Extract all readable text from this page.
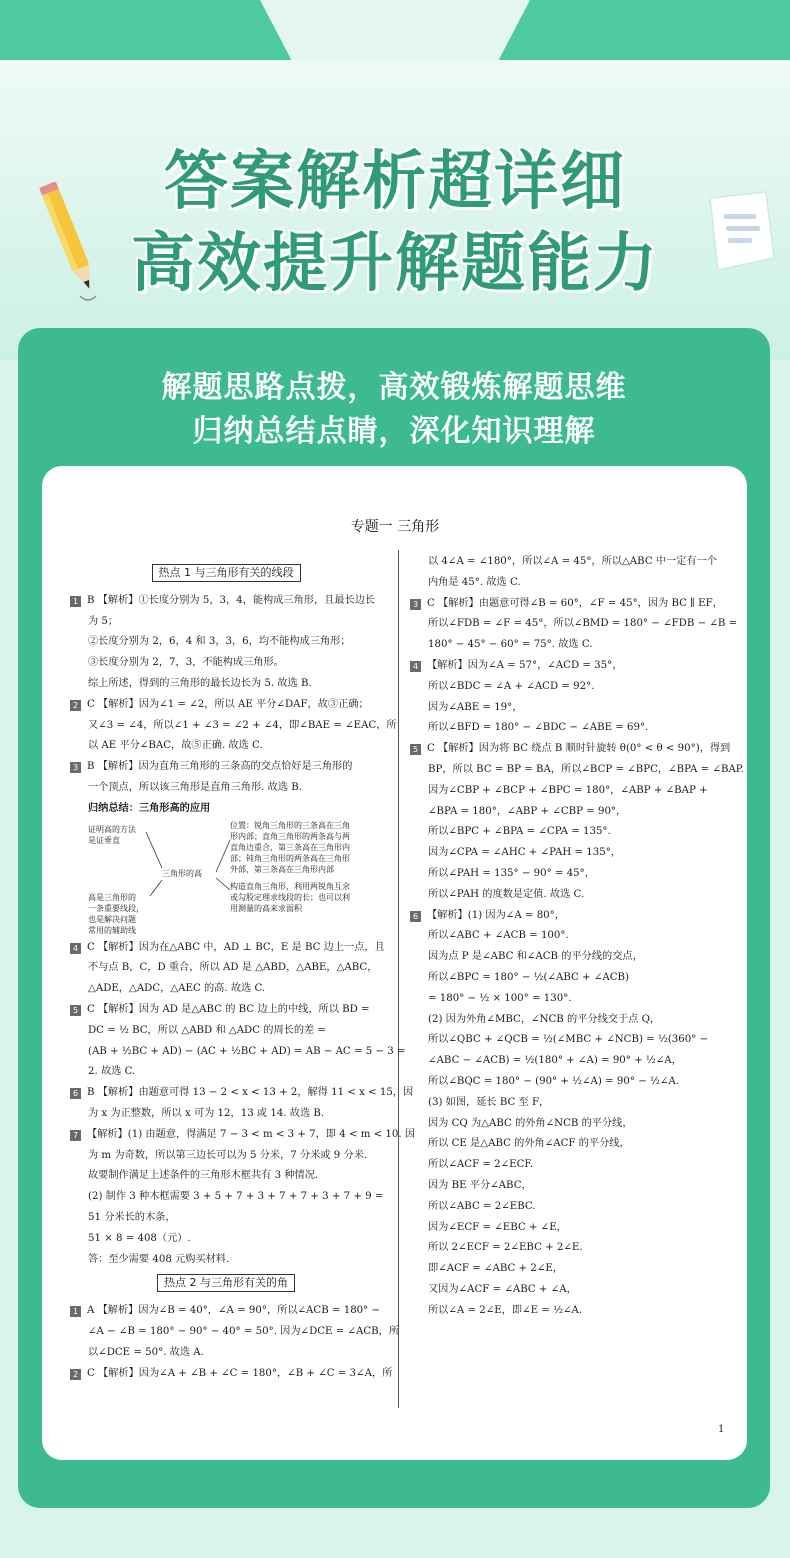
答案解析超详细
高效提升解题能力
解题思路点拨，高效锻炼解题思维
归纳总结点睛，深化知识理解
专题一 三角形
热点 1 与三角形有关的线段
1 B 【解析】①长度分别为 5，3，4，能构成三角形，且最长边长
为 5；
②长度分别为 2，6，4 和 3，3，6，均不能构成三角形；
③长度分别为 2，7，3，不能构成三角形。
综上所述，得到的三角形的最长边长为 5. 故选 B.
2 C 【解析】因为∠1 = ∠2，所以 AE 平分∠DAF，故③正确；
又∠3 = ∠4，所以∠1 + ∠3 = ∠2 + ∠4，即∠BAE = ∠EAC，所
以 AE 平分∠BAC，故⑤正确. 故选 C.
3 B 【解析】因为直角三角形的三条高的交点恰好是三角形的
一个顶点，所以该三角形是直角三角形. 故选 B.
归纳总结：三角形高的应用
证明高的方法
是证垂直
三角形的高
高是三角形的
一条重要线段，
也是解决问题
常用的辅助线
位置：锐角三角形的三条高在三角
形内部；直角三角形的两条高与两
直角边重合，第三条高在三角形内
部；钝角三角形的两条高在三角形
外部，第三条高在三角形内部
构造直角三角形，利用两锐角互余
或勾股定理求线段的长；也可以利
用测量的高来求面积
4 C 【解析】因为在△ABC 中，AD ⊥ BC，E 是 BC 边上一点，且
不与点 B，C，D 重合，所以 AD 是 △ABD，△ABE，△ABC，
△ADE，△ADC，△AEC 的高. 故选 C.
5 C 【解析】因为 AD 是△ABC 的 BC 边上的中线，所以 BD =
DC = ½ BC，所以 △ABD 和 △ADC 的周长的差 =
(AB + ½BC + AD) − (AC + ½BC + AD) = AB − AC = 5 − 3 =
2. 故选 C.
6 B 【解析】由题意可得 13 − 2 < x < 13 + 2，解得 11 < x < 15，因
为 x 为正整数，所以 x 可为 12，13 或 14. 故选 B.
7 【解析】(1) 由题意，得满足 7 − 3 < m < 3 + 7，即 4 < m < 10. 因
为 m 为奇数，所以第三边长可以为 5 分米，7 分米或 9 分米.
故要制作满足上述条件的三角形木框共有 3 种情况.
(2) 制作 3 种木框需要 3 + 5 + 7 + 3 + 7 + 7 + 3 + 7 + 9 =
51 分米长的木条，
51 × 8 = 408（元）.
答：至少需要 408 元购买材料.
热点 2 与三角形有关的角
1 A 【解析】因为∠B = 40°，∠A = 90°，所以∠ACB = 180° −
∠A − ∠B = 180° − 90° − 40° = 50°. 因为∠DCE = ∠ACB，所
以∠DCE = 50°. 故选 A.
2 C 【解析】因为∠A + ∠B + ∠C = 180°，∠B + ∠C = 3∠A，所
以 4∠A = ∠180°，所以∠A = 45°，所以△ABC 中一定有一个
内角是 45°. 故选 C.
3 C 【解析】由题意可得∠B = 60°，∠F = 45°，因为 BC ∥ EF，
所以∠FDB = ∠F = 45°，所以∠BMD = 180° − ∠FDB − ∠B =
180° − 45° − 60° = 75°. 故选 C.
4 【解析】因为∠A = 57°，∠ACD = 35°，
所以∠BDC = ∠A + ∠ACD = 92°.
因为∠ABE = 19°，
所以∠BFD = 180° − ∠BDC − ∠ABE = 69°.
5 C 【解析】因为将 BC 绕点 B 顺时针旋转 θ(0° < θ < 90°)，得到
BP，所以 BC = BP = BA，所以∠BCP = ∠BPC，∠BPA = ∠BAP.
因为∠CBP + ∠BCP + ∠BPC = 180°，∠ABP + ∠BAP +
∠BPA = 180°，∠ABP + ∠CBP = 90°，
所以∠BPC + ∠BPA = ∠CPA = 135°.
因为∠CPA = ∠AHC + ∠PAH = 135°，
所以∠PAH = 135° − 90° = 45°，
所以∠PAH 的度数是定值. 故选 C.
6 【解析】(1) 因为∠A = 80°，
所以∠ABC + ∠ACB = 100°.
因为点 P 是∠ABC 和∠ACB 的平分线的交点，
所以∠BPC = 180° − ½(∠ABC + ∠ACB)
= 180° − ½ × 100° = 130°.
(2) 因为外角∠MBC，∠NCB 的平分线交于点 Q，
所以∠QBC + ∠QCB = ½(∠MBC + ∠NCB) = ½(360° −
∠ABC − ∠ACB) = ½(180° + ∠A) = 90° + ½∠A，
所以∠BQC = 180° − (90° + ½∠A) = 90° − ½∠A.
(3) 如图，延长 BC 至 F，
因为 CQ 为△ABC 的外角∠NCB 的平分线，
所以 CE 是△ABC 的外角∠ACF 的平分线，
所以∠ACF = 2∠ECF.
因为 BE 平分∠ABC，
所以∠ABC = 2∠EBC.
因为∠ECF = ∠EBC + ∠E，
所以 2∠ECF = 2∠EBC + 2∠E.
即∠ACF = ∠ABC + 2∠E，
又因为∠ACF = ∠ABC + ∠A，
所以∠A = 2∠E，即∠E = ½∠A.
1
